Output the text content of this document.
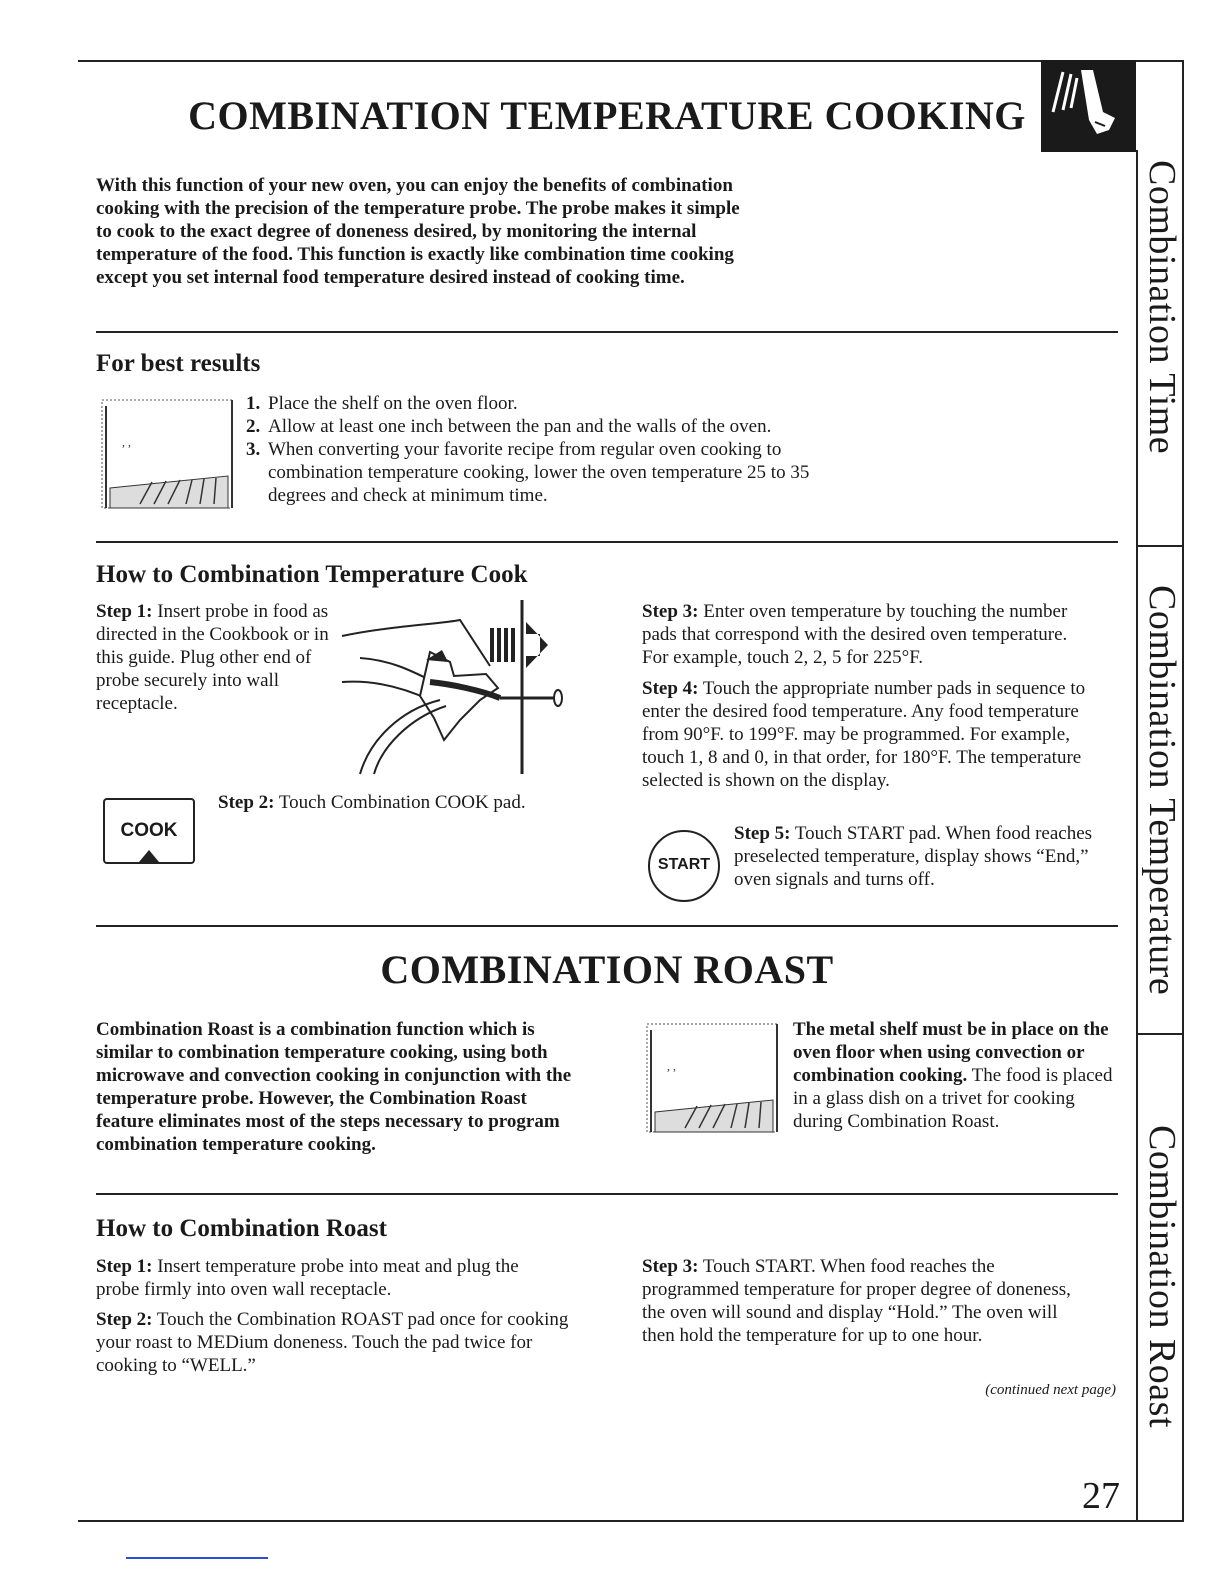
Combination Time
Combination Temperature
Combination Roast
COMBINATION TEMPERATURE COOKING

With this function of your new oven, you can enjoy the benefits of combination cooking with the precision of the temperature probe. The probe makes it simple to cook to the exact degree of doneness desired, by monitoring the internal temperature of the food. This function is exactly like combination time cooking except you set internal food temperature desired instead of cooking time.

For best results
, ,
1. Place the shelf on the oven floor.
2. Allow at least one inch between the pan and the walls of the oven.
3. When converting your favorite recipe from regular oven cooking to combination temperature cooking, lower the oven temperature 25 to 35 degrees and check at minimum time.
How to Combination Temperature Cook

Step 1: Insert probe in food as directed in the Cookbook or in this guide. Plug other end of probe securely into wall receptacle.

COOK

Step 2: Touch Combination COOK pad.

Step 3: Enter oven temperature by touching the number pads that correspond with the desired oven temperature. For example, touch 2, 2, 5 for 225°F.

Step 4: Touch the appropriate number pads in sequence to enter the desired food temperature. Any food temperature from 90°F. to 199°F. may be programmed. For example, touch 1, 8 and 0, in that order, for 180°F. The temperature selected is shown on the display.

START

Step 5: Touch START pad. When food reaches preselected temperature, display shows “End,” oven signals and turns off.

COMBINATION ROAST

Combination Roast is a combination function which is similar to combination temperature cooking, using both microwave and convection cooking in conjunction with the temperature probe. However, the Combination Roast feature eliminates most of the steps necessary to program combination temperature cooking.

, ,

The metal shelf must be in place on the oven floor when using convection or combination cooking. The food is placed in a glass dish on a trivet for cooking during Combination Roast.

How to Combination Roast

Step 1: Insert temperature probe into meat and plug the probe firmly into oven wall receptacle.

Step 2: Touch the Combination ROAST pad once for cooking your roast to MEDium doneness. Touch the pad twice for cooking to “WELL.”

Step 3: Touch START. When food reaches the programmed temperature for proper degree of doneness, the oven will sound and display “Hold.” The oven will then hold the temperature for up to one hour.

(continued next page)

27
